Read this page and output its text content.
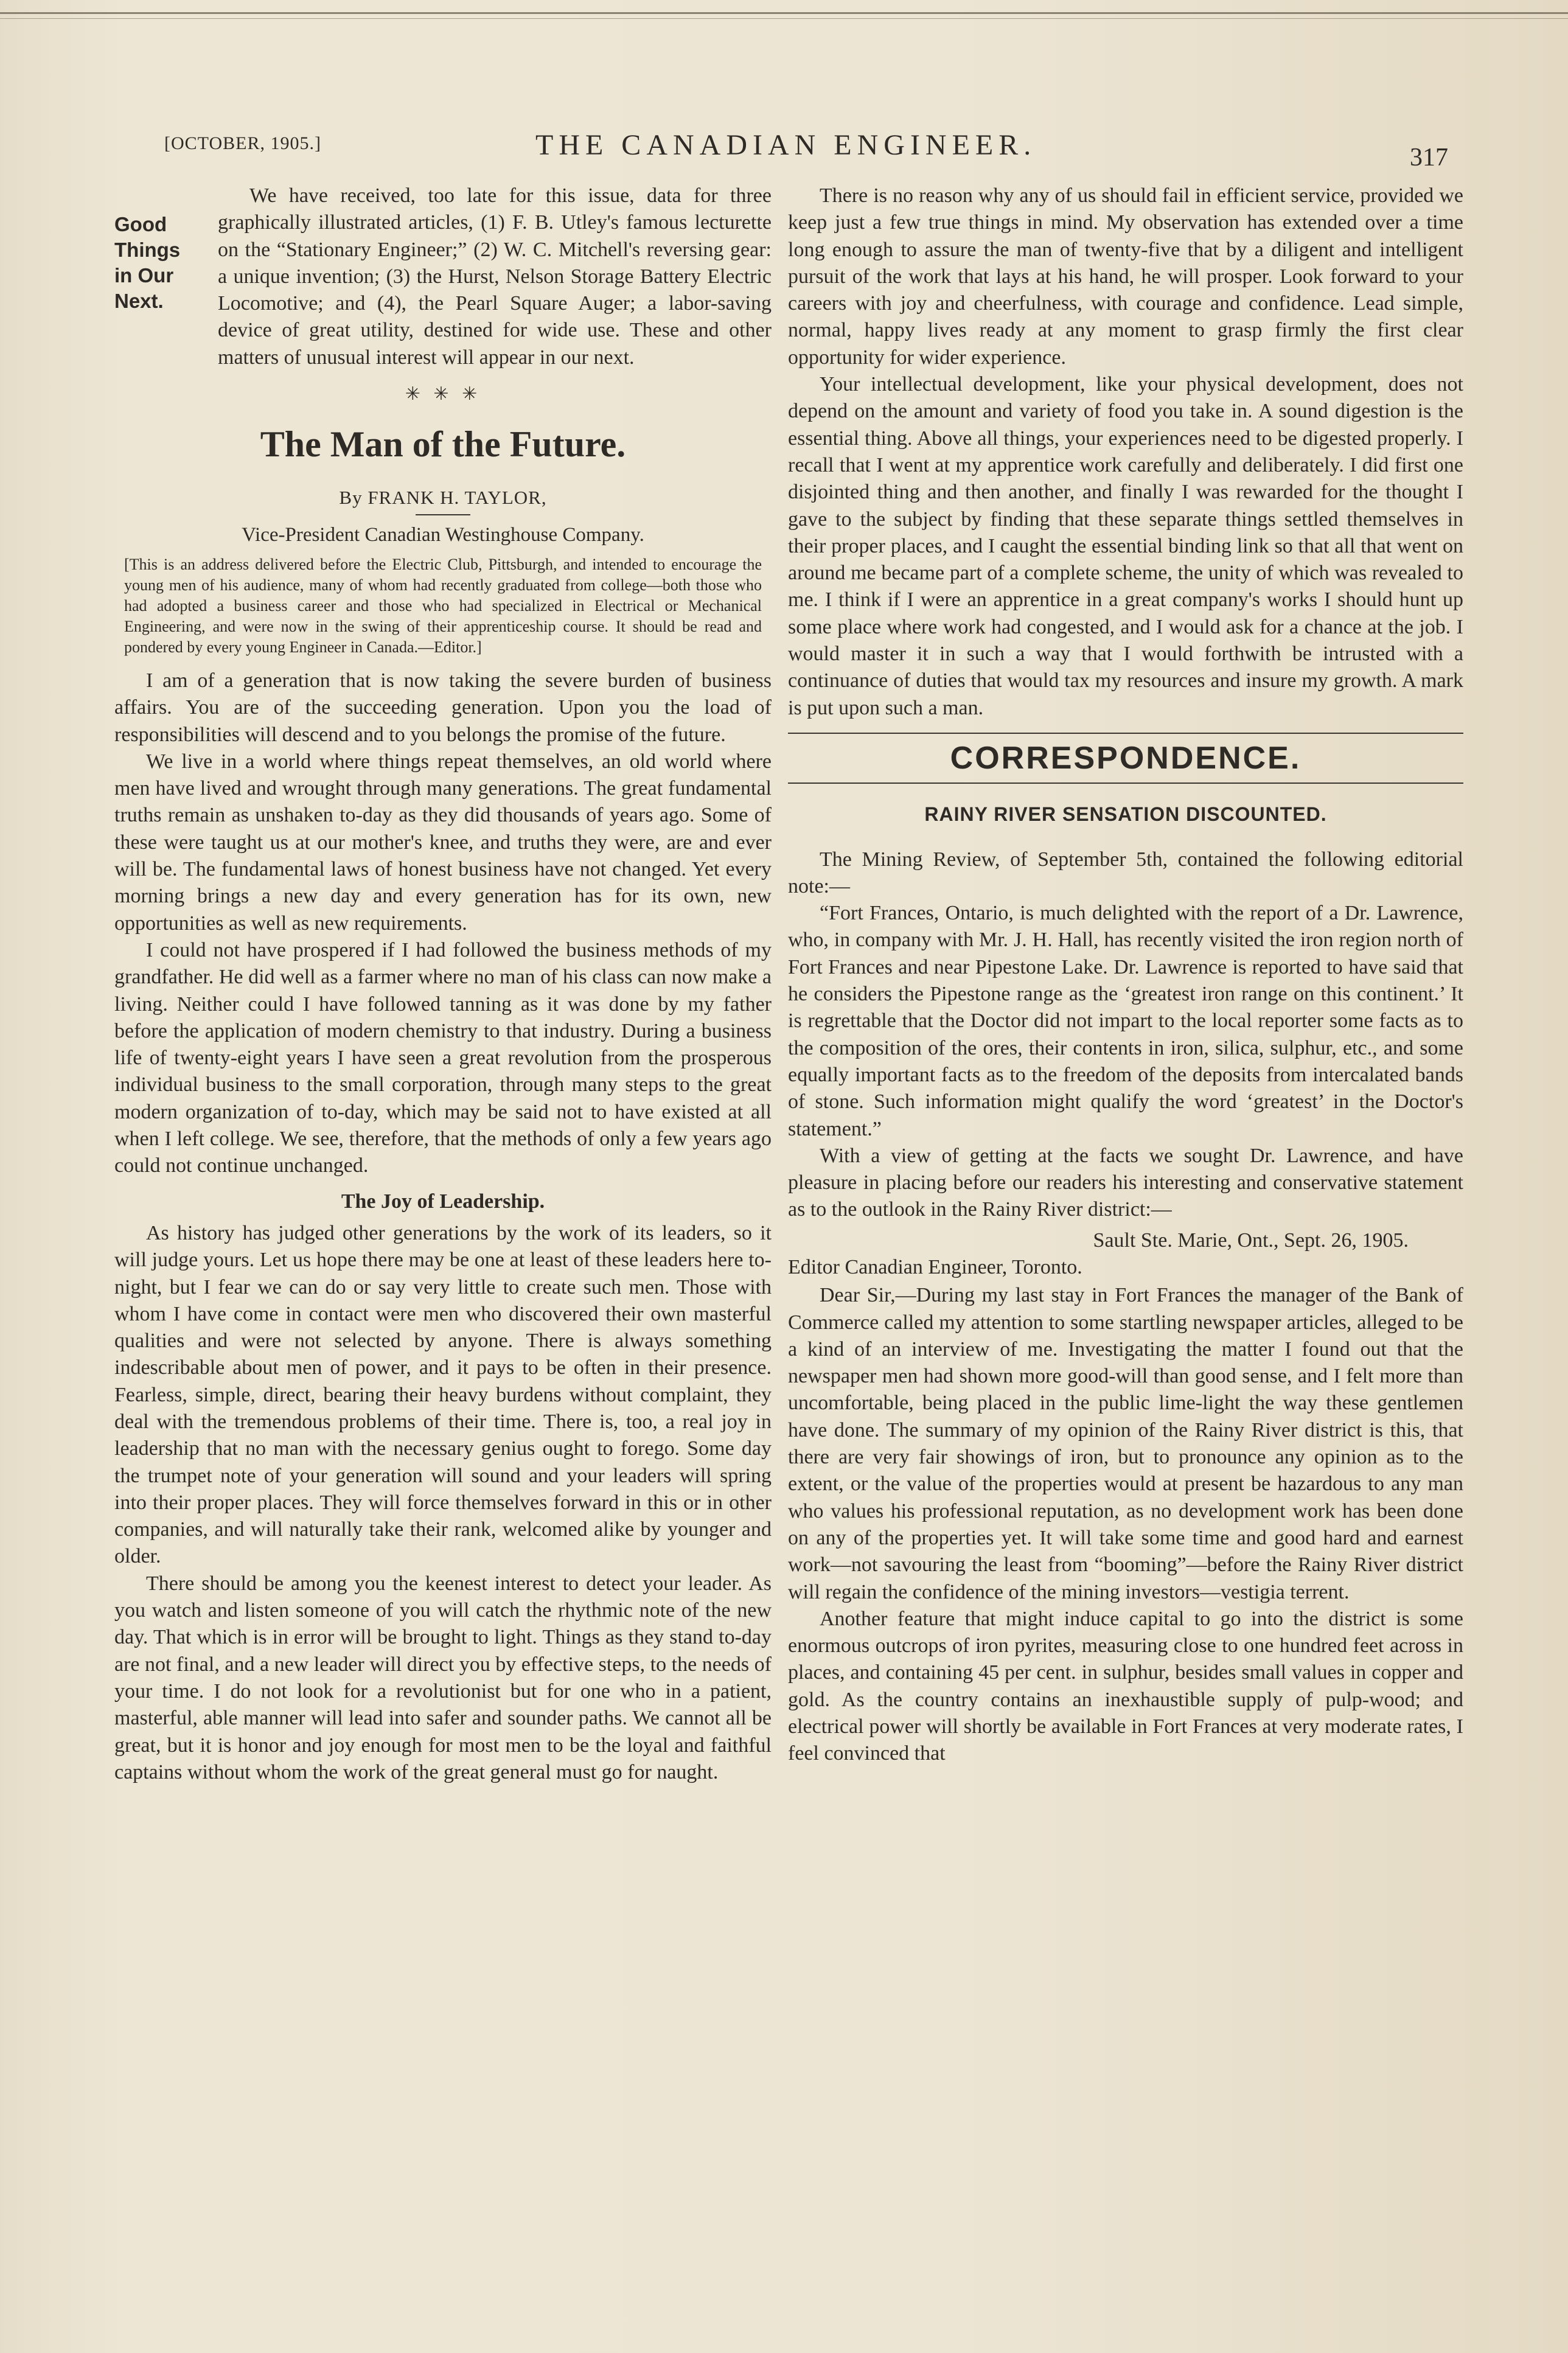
[OCTOBER, 1905.]	THE CANADIAN ENGINEER.	317
Good
Things
in Our
Next.

We have received, too late for this issue, data for three graphically illustrated articles, (1) F. B. Utley's famous lecturette on the “Stationary Engineer;” (2) W. C. Mitchell's reversing gear: a unique invention; (3) the Hurst, Nelson Storage Battery Electric Locomotive; and (4), the Pearl Square Auger; a labor-saving device of great utility, destined for wide use. These and other matters of unusual interest will appear in our next.

✳ ✳ ✳
The Man of the Future.
By FRANK H. TAYLOR,
Vice-President Canadian Westinghouse Company.

[This is an address delivered before the Electric Club, Pittsburgh, and intended to encourage the young men of his audience, many of whom had recently graduated from college—both those who had adopted a business career and those who had specialized in Electrical or Mechanical Engineering, and were now in the swing of their apprenticeship course. It should be read and pondered by every young Engineer in Canada.—Editor.]

I am of a generation that is now taking the severe burden of business affairs. You are of the succeeding generation. Upon you the load of responsibilities will descend and to you belongs the promise of the future.

We live in a world where things repeat themselves, an old world where men have lived and wrought through many generations. The great fundamental truths remain as unshaken to-day as they did thousands of years ago. Some of these were taught us at our mother's knee, and truths they were, are and ever will be. The fundamental laws of honest business have not changed. Yet every morning brings a new day and every generation has for its own, new opportunities as well as new requirements.

I could not have prospered if I had followed the business methods of my grandfather. He did well as a farmer where no man of his class can now make a living. Neither could I have followed tanning as it was done by my father before the application of modern chemistry to that industry. During a business life of twenty-eight years I have seen a great revolution from the prosperous individual business to the small corporation, through many steps to the great modern organization of to-day, which may be said not to have existed at all when I left college. We see, therefore, that the methods of only a few years ago could not continue unchanged.

The Joy of Leadership.

As history has judged other generations by the work of its leaders, so it will judge yours. Let us hope there may be one at least of these leaders here to-night, but I fear we can do or say very little to create such men. Those with whom I have come in contact were men who discovered their own masterful qualities and were not selected by anyone. There is always something indescribable about men of power, and it pays to be often in their presence. Fearless, simple, direct, bearing their heavy burdens without complaint, they deal with the tremendous problems of their time. There is, too, a real joy in leadership that no man with the necessary genius ought to forego. Some day the trumpet note of your generation will sound and your leaders will spring into their proper places. They will force themselves forward in this or in other companies, and will naturally take their rank, welcomed alike by younger and older.

There should be among you the keenest interest to detect your leader. As you watch and listen someone of you will catch the rhythmic note of the new day. That which is in error will be brought to light. Things as they stand to-day are not final, and a new leader will direct you by effective steps, to the needs of your time. I do not look for a revolutionist but for one who in a patient, masterful, able manner will lead into safer and sounder paths. We cannot all be great, but it is honor and joy enough for most men to be the loyal and faithful captains without whom the work of the great general must go for naught.

There is no reason why any of us should fail in efficient service, provided we keep just a few true things in mind. My observation has extended over a time long enough to assure the man of twenty-five that by a diligent and intelligent pursuit of the work that lays at his hand, he will prosper. Look forward to your careers with joy and cheerfulness, with courage and confidence. Lead simple, normal, happy lives ready at any moment to grasp firmly the first clear opportunity for wider experience.

Your intellectual development, like your physical development, does not depend on the amount and variety of food you take in. A sound digestion is the essential thing. Above all things, your experiences need to be digested properly. I recall that I went at my apprentice work carefully and deliberately. I did first one disjointed thing and then another, and finally I was rewarded for the thought I gave to the subject by finding that these separate things settled themselves in their proper places, and I caught the essential binding link so that all that went on around me became part of a complete scheme, the unity of which was revealed to me. I think if I were an apprentice in a great company's works I should hunt up some place where work had congested, and I would ask for a chance at the job. I would master it in such a way that I would forthwith be intrusted with a continuance of duties that would tax my resources and insure my growth. A mark is put upon such a man.

CORRESPONDENCE.
RAINY RIVER SENSATION DISCOUNTED.

The Mining Review, of September 5th, contained the following editorial note:—

“Fort Frances, Ontario, is much delighted with the report of a Dr. Lawrence, who, in company with Mr. J. H. Hall, has recently visited the iron region north of Fort Frances and near Pipestone Lake. Dr. Lawrence is reported to have said that he considers the Pipestone range as the ‘greatest iron range on this continent.’ It is regrettable that the Doctor did not impart to the local reporter some facts as to the composition of the ores, their contents in iron, silica, sulphur, etc., and some equally important facts as to the freedom of the deposits from intercalated bands of stone. Such information might qualify the word ‘greatest’ in the Doctor's statement.”

With a view of getting at the facts we sought Dr. Lawrence, and have pleasure in placing before our readers his interesting and conservative statement as to the outlook in the Rainy River district:—

Sault Ste. Marie, Ont., Sept. 26, 1905.

Editor Canadian Engineer, Toronto.

Dear Sir,—During my last stay in Fort Frances the manager of the Bank of Commerce called my attention to some startling newspaper articles, alleged to be a kind of an interview of me. Investigating the matter I found out that the newspaper men had shown more good-will than good sense, and I felt more than uncomfortable, being placed in the public lime-light the way these gentlemen have done. The summary of my opinion of the Rainy River district is this, that there are very fair showings of iron, but to pronounce any opinion as to the extent, or the value of the properties would at present be hazardous to any man who values his professional reputation, as no development work has been done on any of the properties yet. It will take some time and good hard and earnest work—not savouring the least from “booming”—before the Rainy River district will regain the confidence of the mining investors—vestigia terrent.

Another feature that might induce capital to go into the district is some enormous outcrops of iron pyrites, measuring close to one hundred feet across in places, and containing 45 per cent. in sulphur, besides small values in copper and gold. As the country contains an inexhaustible supply of pulp-wood; and electrical power will shortly be available in Fort Frances at very moderate rates, I feel convinced that
